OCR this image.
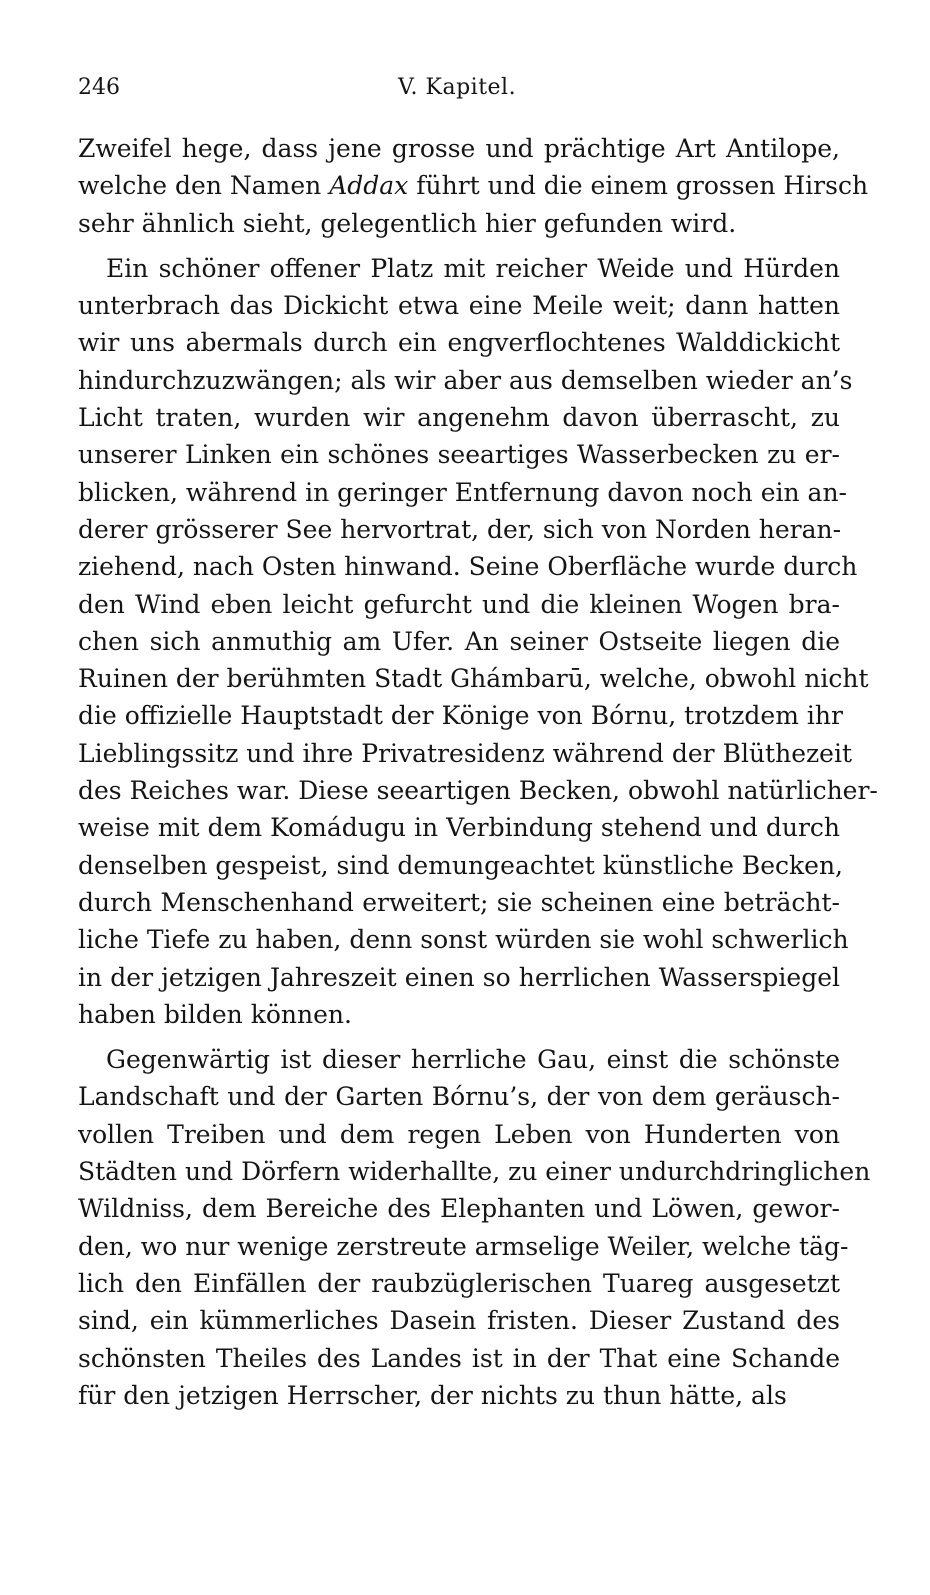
246	V. Kapitel.
Zweifel hege, dass jene grosse und prächtige Art Antilope,
welche den Namen Addax führt und die einem grossen Hirsch
sehr ähnlich sieht, gelegentlich hier gefunden wird.
Ein schöner offener Platz mit reicher Weide und Hürden
unterbrach das Dickicht etwa eine Meile weit; dann hatten
wir uns abermals durch ein engverflochtenes Walddickicht
hindurchzuzwängen; als wir aber aus demselben wieder an’s
Licht traten, wurden wir angenehm davon überrascht, zu
unserer Linken ein schönes seeartiges Wasserbecken zu er-
blicken, während in geringer Entfernung davon noch ein an-
derer grösserer See hervortrat, der, sich von Norden heran-
ziehend, nach Osten hinwand. Seine Oberfläche wurde durch
den Wind eben leicht gefurcht und die kleinen Wogen bra-
chen sich anmuthig am Ufer. An seiner Ostseite liegen die
Ruinen der berühmten Stadt Ghámbarū, welche, obwohl nicht
die offizielle Hauptstadt der Könige von Bórnu, trotzdem ihr
Lieblingssitz und ihre Privatresidenz während der Blüthezeit
des Reiches war. Diese seeartigen Becken, obwohl natürlicher-
weise mit dem Komádugu in Verbindung stehend und durch
denselben gespeist, sind demungeachtet künstliche Becken,
durch Menschenhand erweitert; sie scheinen eine beträcht-
liche Tiefe zu haben, denn sonst würden sie wohl schwerlich
in der jetzigen Jahreszeit einen so herrlichen Wasserspiegel
haben bilden können.
Gegenwärtig ist dieser herrliche Gau, einst die schönste
Landschaft und der Garten Bórnu’s, der von dem geräusch-
vollen Treiben und dem regen Leben von Hunderten von
Städten und Dörfern widerhallte, zu einer undurchdringlichen
Wildniss, dem Bereiche des Elephanten und Löwen, gewor-
den, wo nur wenige zerstreute armselige Weiler, welche täg-
lich den Einfällen der raubzüglerischen Tuareg ausgesetzt
sind, ein kümmerliches Dasein fristen. Dieser Zustand des
schönsten Theiles des Landes ist in der That eine Schande
für den jetzigen Herrscher, der nichts zu thun hätte, als
